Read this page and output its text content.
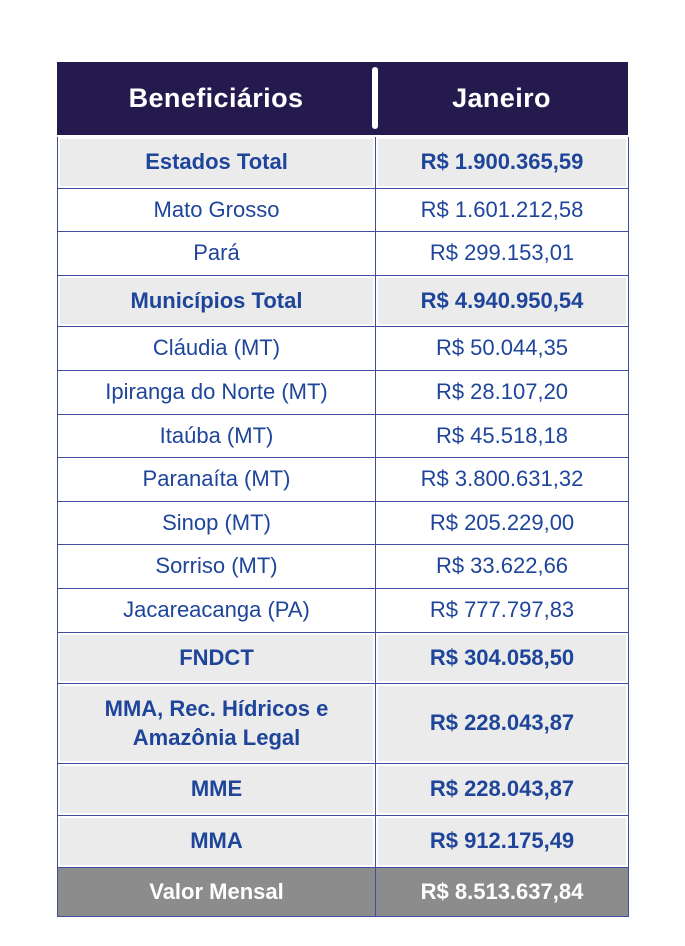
Beneficiários	Janeiro
Estados Total	R$ 1.900.365,59
Mato Grosso	R$ 1.601.212,58
Pará	R$ 299.153,01
Municípios Total	R$ 4.940.950,54
Cláudia (MT)	R$ 50.044,35
Ipiranga do Norte (MT)	R$ 28.107,20
Itaúba (MT)	R$ 45.518,18
Paranaíta (MT)	R$ 3.800.631,32
Sinop (MT)	R$ 205.229,00
Sorriso (MT)	R$ 33.622,66
Jacareacanga (PA)	R$ 777.797,83
FNDCT	R$ 304.058,50
MMA, Rec. Hídricos e Amazônia Legal	R$ 228.043,87
MME	R$ 228.043,87
MMA	R$ 912.175,49
Valor Mensal	R$ 8.513.637,84
